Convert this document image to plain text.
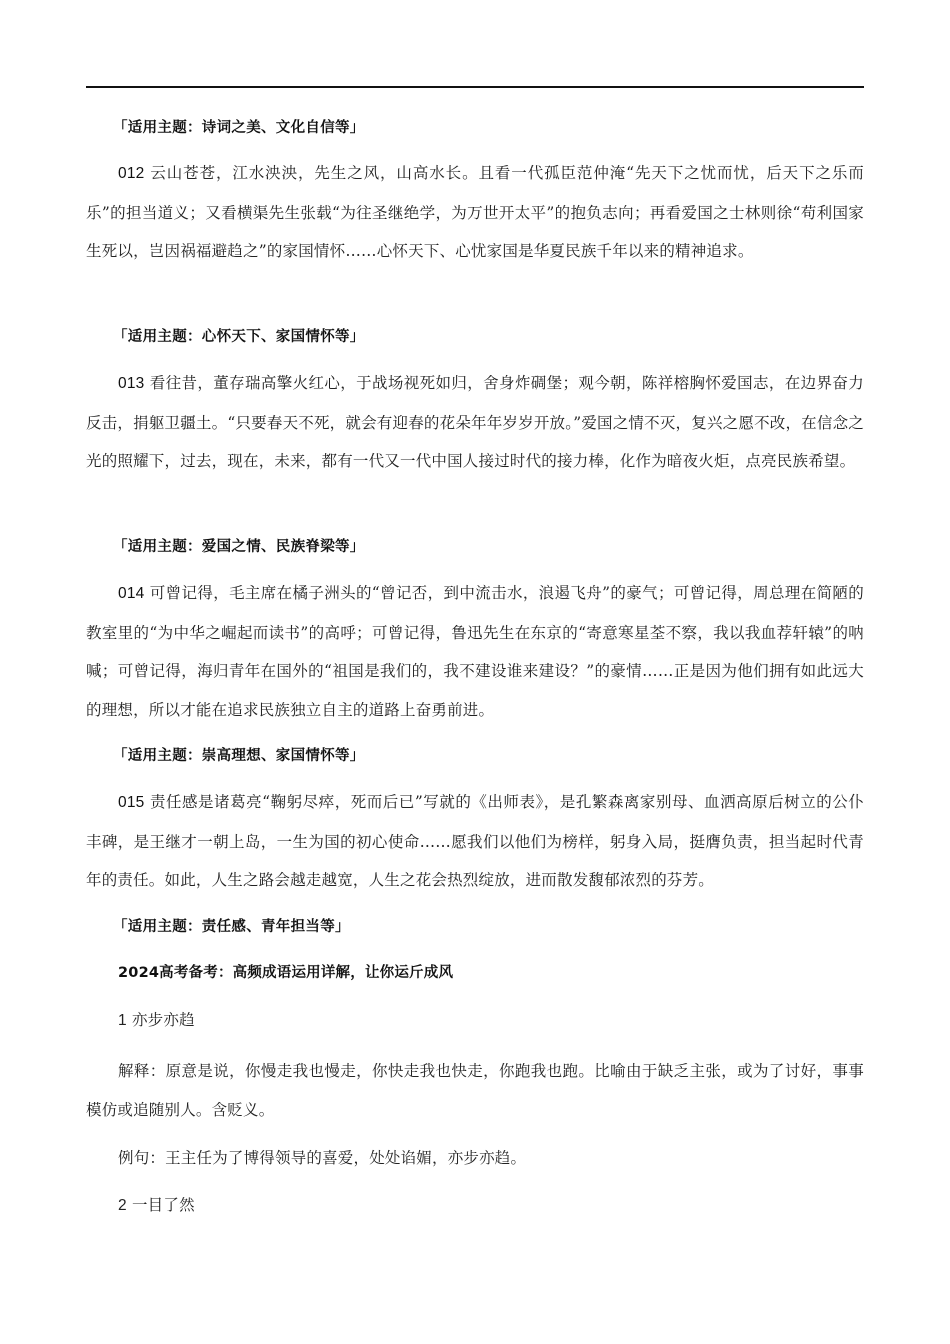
「适用主题：诗词之美、文化自信等」
012 云山苍苍，江水泱泱，先生之风，山高水长。且看一代孤臣范仲淹“先天下之忧而忧，后天下之乐而乐”的担当道义；又看横渠先生张载“为往圣继绝学，为万世开太平”的抱负志向；再看爱国之士林则徐“苟利国家生死以，岂因祸福避趋之”的家国情怀……心怀天下、心忧家国是华夏民族千年以来的精神追求。
「适用主题：心怀天下、家国情怀等」
013 看往昔，董存瑞高擎火红心，于战场视死如归，舍身炸碉堡；观今朝，陈祥榕胸怀爱国志，在边界奋力反击，捐躯卫疆土。“只要春天不死，就会有迎春的花朵年年岁岁开放。”爱国之情不灭，复兴之愿不改，在信念之光的照耀下，过去，现在，未来，都有一代又一代中国人接过时代的接力棒，化作为暗夜火炬，点亮民族希望。
「适用主题：爱国之情、民族脊梁等」
014 可曾记得，毛主席在橘子洲头的“曾记否，到中流击水，浪遏飞舟”的豪气；可曾记得，周总理在简陋的教室里的“为中华之崛起而读书”的高呼；可曾记得，鲁迅先生在东京的“寄意寒星荃不察，我以我血荐轩辕”的呐喊；可曾记得，海归青年在国外的“祖国是我们的，我不建设谁来建设？”的豪情……正是因为他们拥有如此远大的理想，所以才能在追求民族独立自主的道路上奋勇前进。
「适用主题：崇高理想、家国情怀等」
015 责任感是诸葛亮“鞠躬尽瘁，死而后已”写就的《出师表》，是孔繁森离家别母、血洒高原后树立的公仆丰碑，是王继才一朝上岛，一生为国的初心使命……愿我们以他们为榜样，躬身入局，挺膺负责，担当起时代青年的责任。如此，人生之路会越走越宽，人生之花会热烈绽放，进而散发馥郁浓烈的芬芳。
「适用主题：责任感、青年担当等」
2024高考备考：高频成语运用详解，让你运斤成风
1 亦步亦趋
解释：原意是说，你慢走我也慢走，你快走我也快走，你跑我也跑。比喻由于缺乏主张，或为了讨好，事事模仿或追随别人。含贬义。
例句：王主任为了博得领导的喜爱，处处谄媚，亦步亦趋。
2 一目了然
